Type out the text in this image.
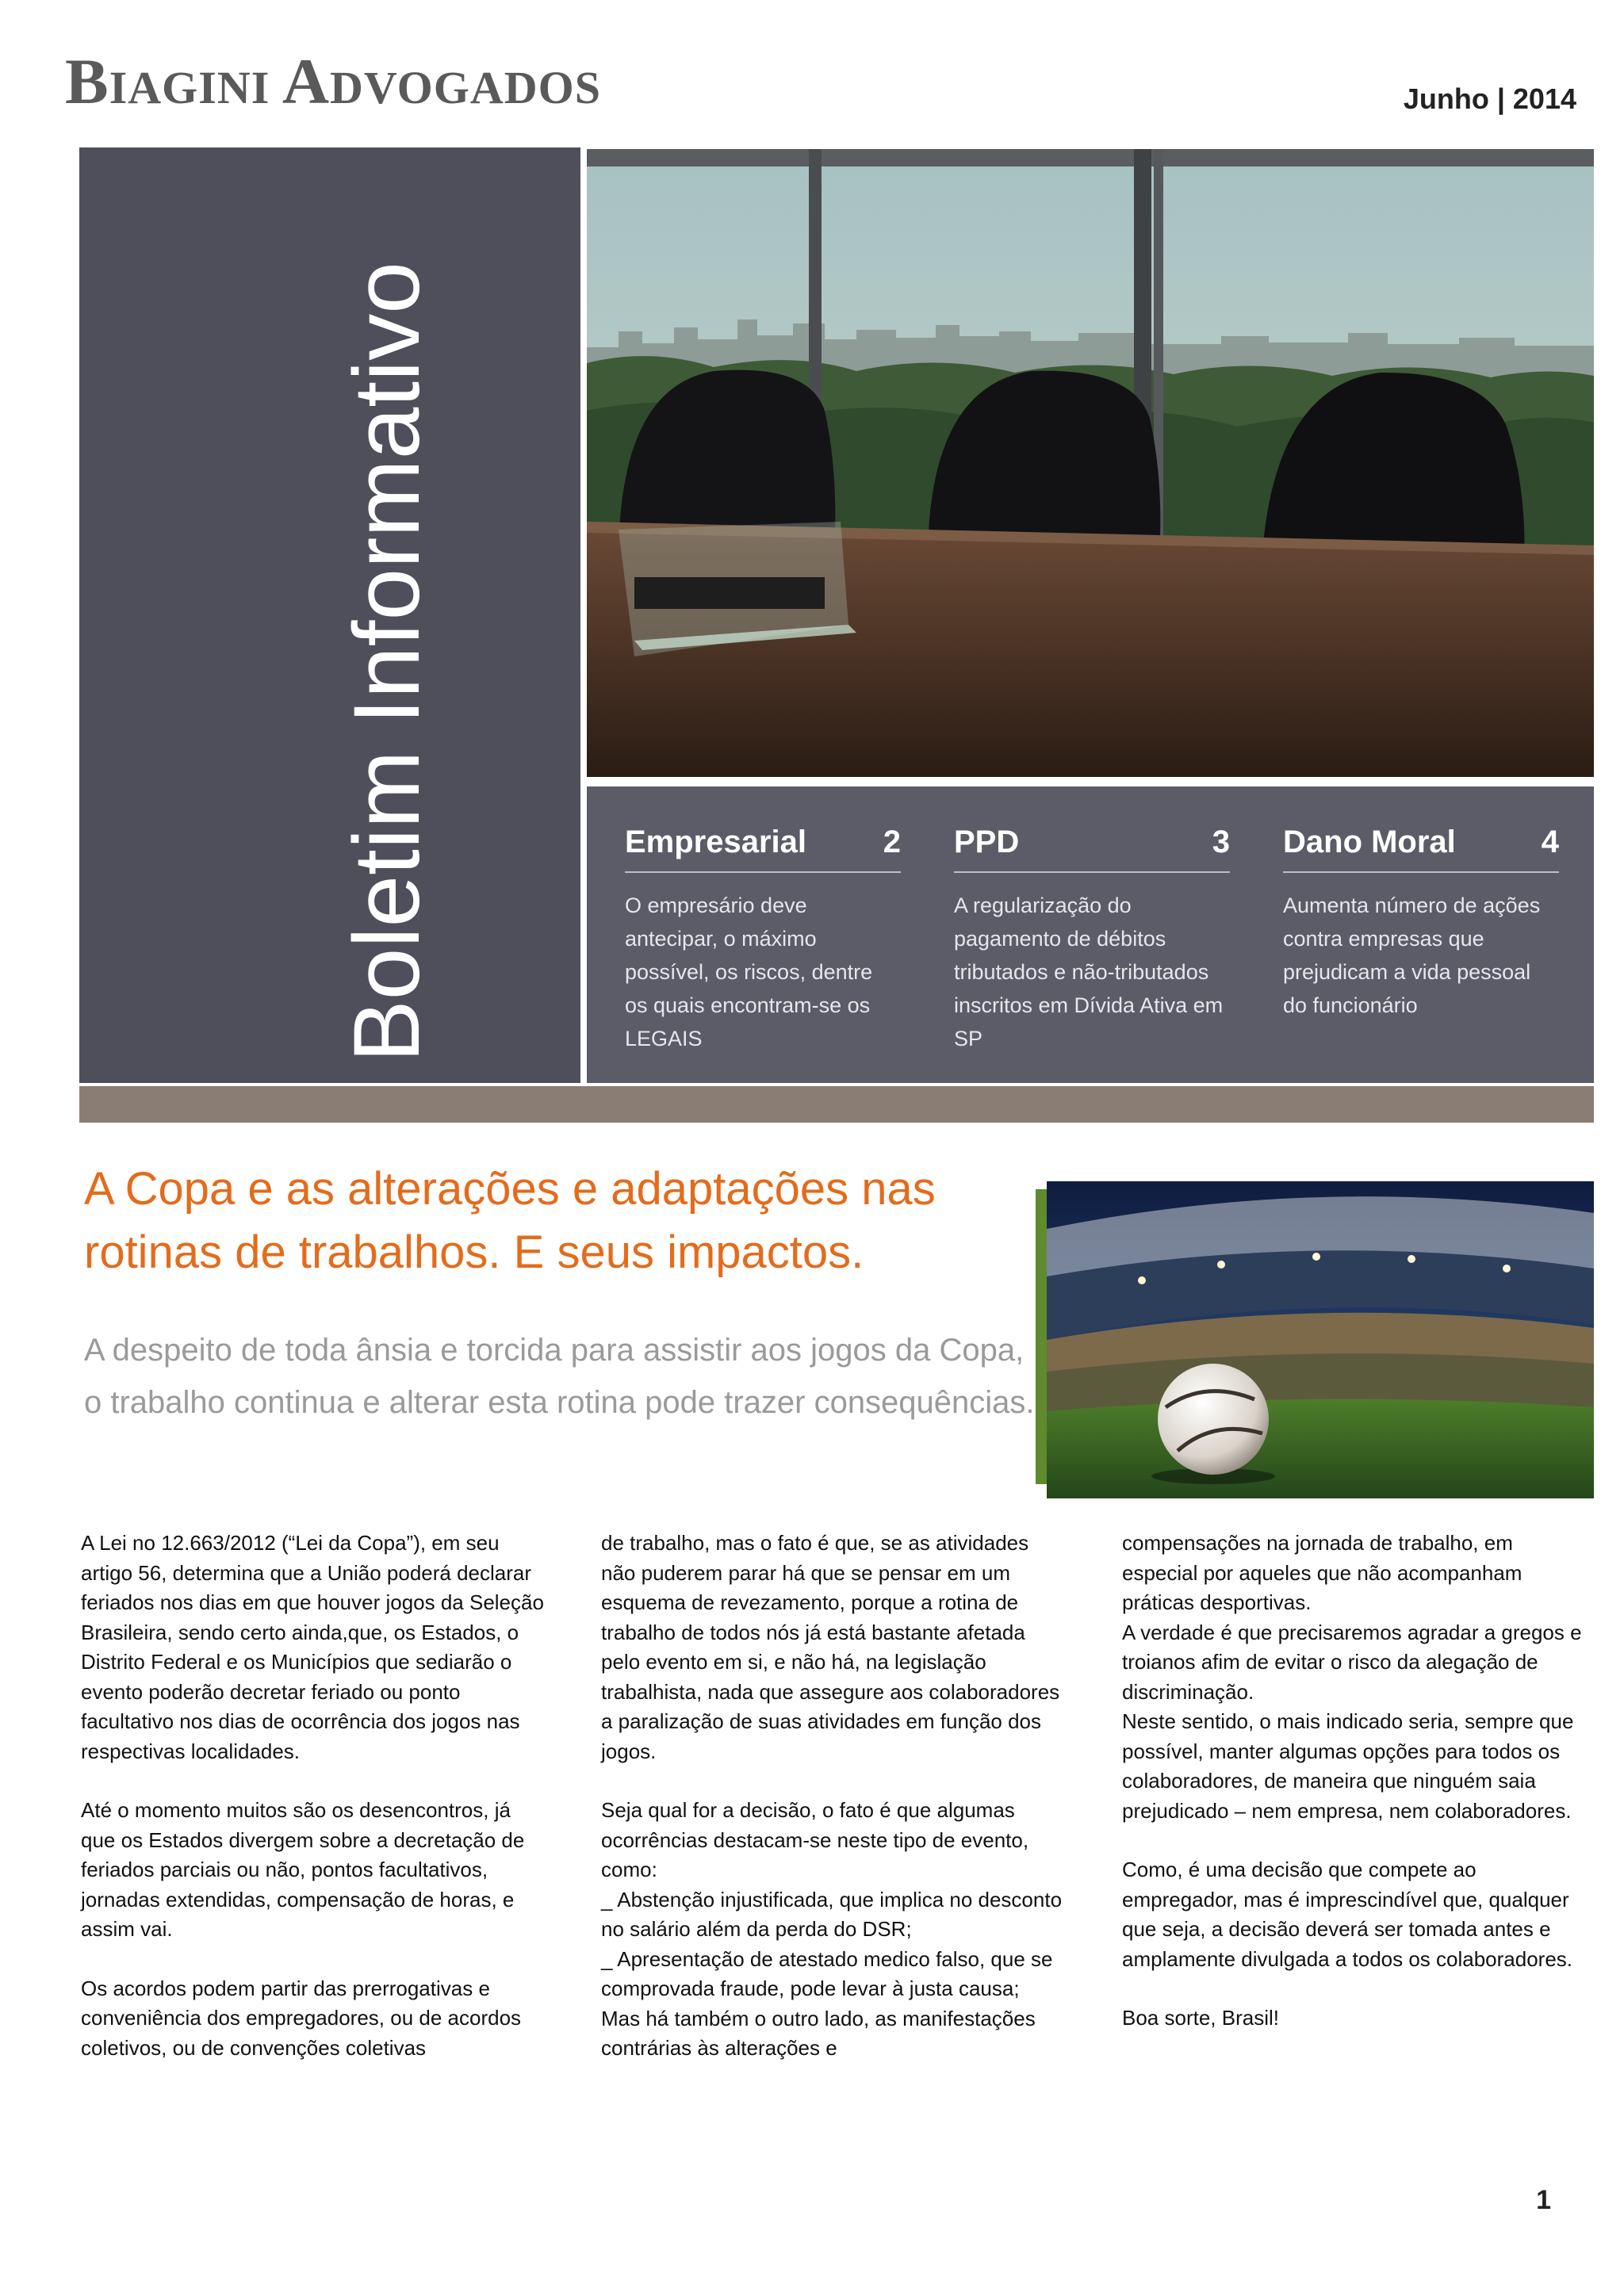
BIAGINI ADVOGADOS	Junho | 2014
Boletim Informativo	Empresarial 2
O empresário deve antecipar, o máximo possível, os riscos, dentre os quais encontram-se os LEGAIS
PPD	3
A regularização do pagamento de débitos tributados e não-tributados inscritos em Dívida Ativa em SP
Dano Moral	4
Aumenta número de ações contra empresas que prejudicam a vida pessoal do funcionário
A Copa e as alterações e adaptações nas rotinas de trabalhos. E seus impactos.
A despeito de toda ânsia e torcida para assistir aos jogos da Copa, o trabalho continua e alterar esta rotina pode trazer consequências.

A Lei no 12.663/2012 (“Lei da Copa”), em seu artigo 56, determina que a União poderá declarar feriados nos dias em que houver jogos da Seleção Brasileira, sendo certo ainda,que, os Estados, o Distrito Federal e os Municípios que sediarão o evento poderão decretar feriado ou ponto facultativo nos dias de ocorrência dos jogos nas respectivas localidades.

Até o momento muitos são os desencontros, já que os Estados divergem sobre a decretação de feriados parciais ou não, pontos facultativos, jornadas extendidas, compensação de horas, e assim vai.

Os acordos podem partir das prerrogativas e conveniência dos empregadores, ou de acordos coletivos, ou de convenções coletivas

de trabalho, mas o fato é que, se as atividades não puderem parar há que se pensar em um esquema de revezamento, porque a rotina de trabalho de todos nós já está bastante afetada pelo evento em si, e não há, na legislação trabalhista, nada que assegure aos colaboradores a paralização de suas atividades em função dos jogos.

Seja qual for a decisão, o fato é que algumas ocorrências destacam-se neste tipo de evento, como:

_ Abstenção injustificada, que implica no desconto no salário além da perda do DSR;

_ Apresentação de atestado medico falso, que se comprovada fraude, pode levar à justa causa;

Mas há também o outro lado, as manifestações contrárias às alterações e

compensações na jornada de trabalho, em especial por aqueles que não acompanham práticas desportivas.

A verdade é que precisaremos agradar a gregos e troianos afim de evitar o risco da alegação de discriminação.

Neste sentido, o mais indicado seria, sempre que possível, manter algumas opções para todos os colaboradores, de maneira que ninguém saia prejudicado – nem empresa, nem colaboradores.

Como, é uma decisão que compete ao empregador, mas é imprescindível que, qualquer que seja, a decisão deverá ser tomada antes e amplamente divulgada a todos os colaboradores.

Boa sorte, Brasil!

1
